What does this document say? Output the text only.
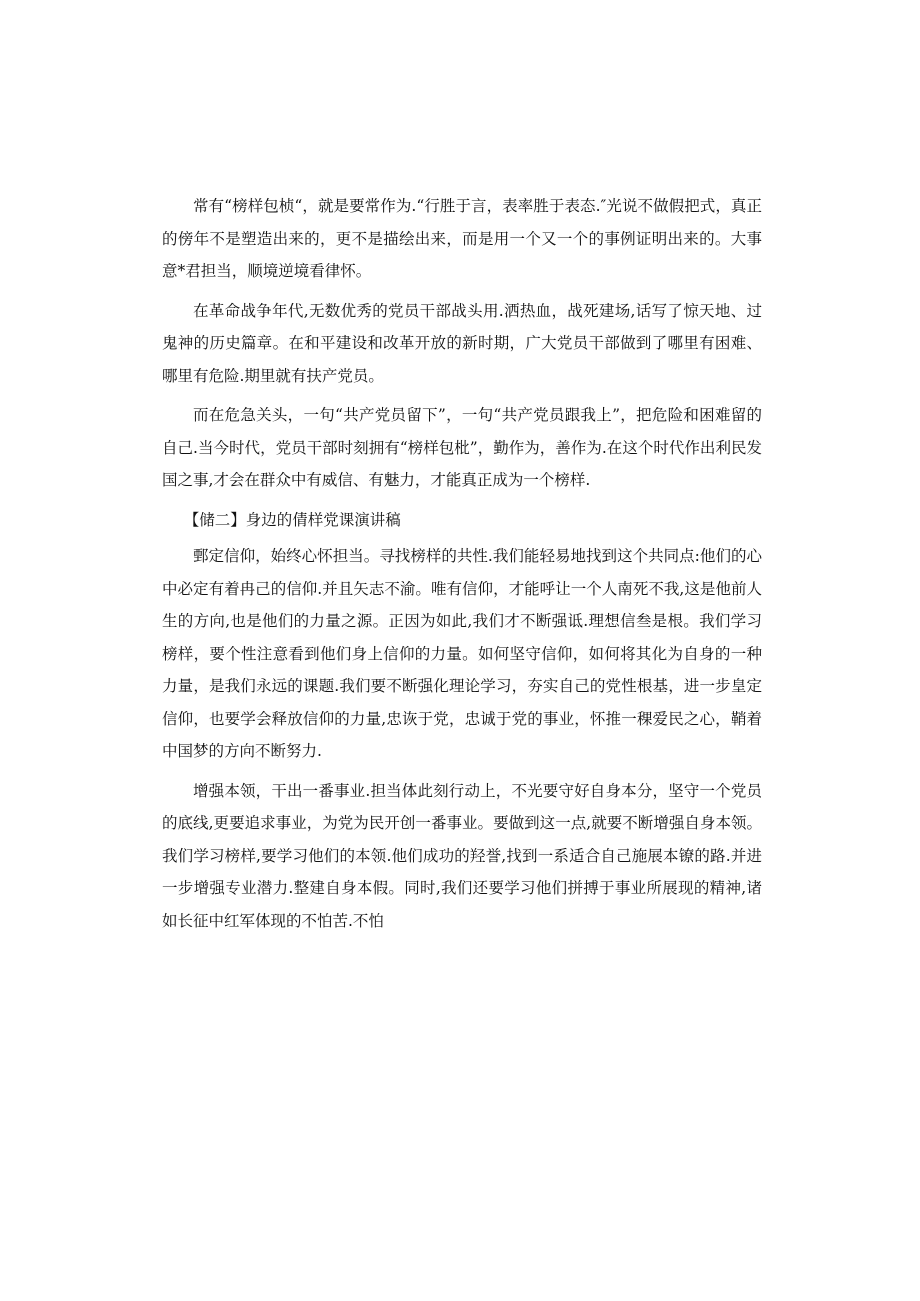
常有“榜样包桢“，就是要常作为.“行胜于言，表率胜于表态.″光说不做假把式，真正的傍年不是塑造出来的，更不是描绘出来，而是用一个又一个的事例证明出来的。大事意*君担当，顺境逆境看律怀。

在革命战争年代,无数优秀的党员干部战头用.洒热血，战死建场,话写了惊天地、过鬼神的历史篇章。在和平建设和改革开放的新时期，广大党员干部做到了哪里有困难、哪里有危险.期里就有扶产党员。

而在危急关头，一句“共产党员留下”，一句“共产党员跟我上”，把危险和困难留的自己.当今时代，党员干部时刻拥有“榜样包枇”，勤作为，善作为.在这个时代作出利民发国之事,才会在群众中有威信、有魅力，才能真正成为一个榜样.

【储二】身边的倩样党课演讲稿

鄄定信仰，始终心怀担当。寻找榜样的共性.我们能轻易地找到这个共同点:他们的心中必定有着冉己的信仰.并且矢志不渝。唯有信仰，才能呼让一个人南死不我,这是他前人生的方向,也是他们的力量之源。正因为如此,我们才不断强诋.理想信叁是根。我们学习榜样，要个性注意看到他们身上信仰的力量。如何坚守信仰，如何将其化为自身的一种力量，是我们永远的课题.我们要不断强化理论学习，夯实自己的党性根基，进一步皇定信仰，也要学会释放信仰的力量,忠诙于党，忠诚于党的事业，怀推一稞爱民之心，鞘着中国梦的方向不断努力.

增强本领，干出一番事业.担当体此刻行动上，不光要守好自身本分，坚守一个党员的底线,更要追求事业，为党为民开创一番事业。要做到这一点,就要不断增强自身本领。我们学习榜样,要学习他们的本领.他们成功的羟誉,找到一系适合自己施展本镣的路.并进一步增强专业潜力.整建自身本假。同时,我们还要学习他们拼搏于事业所展现的精神,诸如长征中红军体现的不怕苦.不怕
